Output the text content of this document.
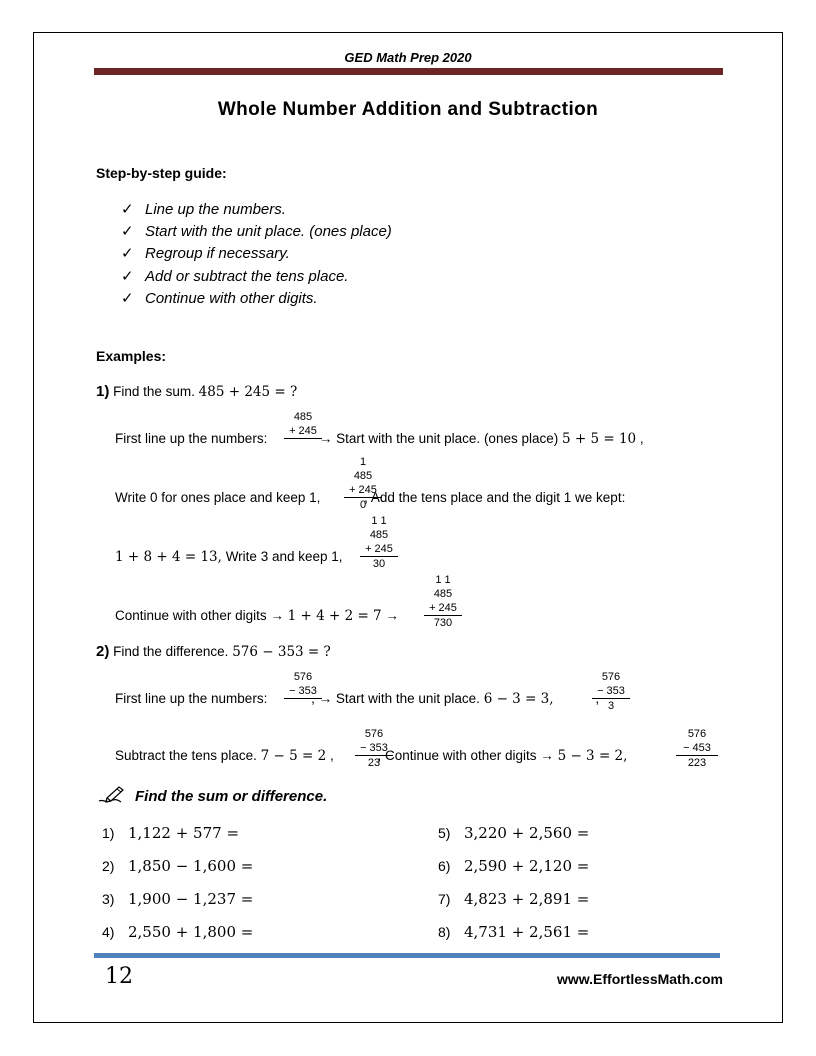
GED Math Prep 2020
Whole Number Addition and Subtraction
Step-by-step guide:
✓ Line up the numbers.
✓ Start with the unit place. (ones place)
✓ Regroup if necessary.
✓ Add or subtract the tens place.
✓ Continue with other digits.
Examples:
1) Find the sum. 485 + 245 = ?
First line up the numbers:	→ Start with the unit place. (ones place) 5 + 5 = 10 ,
485
+ 245
Write 0 for ones place and keep 1,	, Add the tens place and the digit 1 we kept:
1
485
+ 245
0
1 + 8 + 4 = 13, Write 3 and keep 1,
1 1
485
+ 245
30
Continue with other digits → 1 + 4 + 2 = 7 →
1 1
485
+ 245
730
2) Find the difference. 576 − 353 = ?
First line up the numbers:	, → Start with the unit place. 6 − 3 = 3,	,
576
− 353
576
− 353
3
Subtract the tens place. 7 − 5 = 2 ,	, Continue with other digits → 5 − 3 = 2,
576
− 353
23
576
− 453
223
Find the sum or difference.
1) 1,122 + 577 =
2) 1,850 − 1,600 =
3) 1,900 − 1,237 =
4) 2,550 + 1,800 =
5) 3,220 + 2,560 =
6) 2,590 + 2,120 =
7) 4,823 + 2,891 =
8) 4,731 + 2,561 =
12	www.EffortlessMath.com
